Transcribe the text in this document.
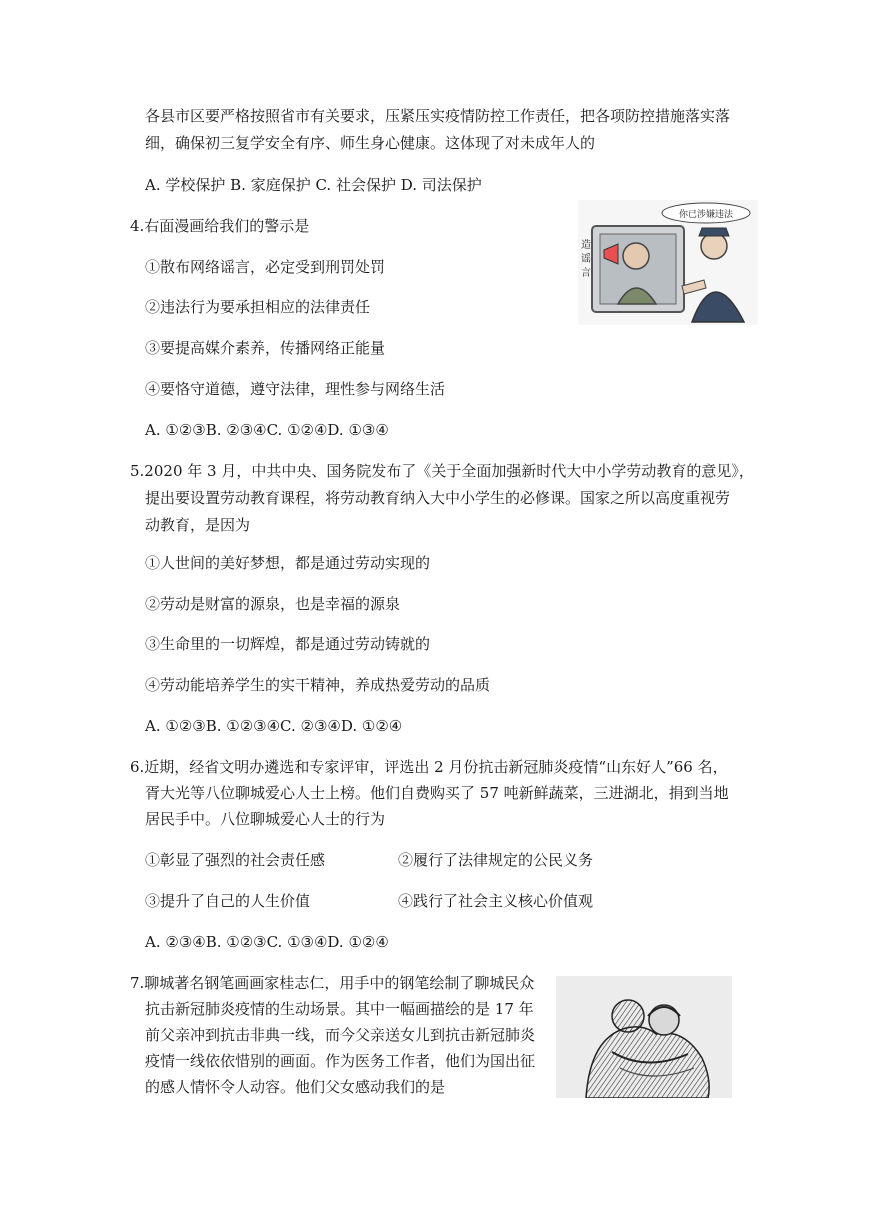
各县市区要严格按照省市有关要求，压紧压实疫情防控工作责任，把各项防控措施落实落
细，确保初三复学安全有序、师生身心健康。这体现了对未成年人的
A. 学校保护 B. 家庭保护 C. 社会保护 D. 司法保护
4.右面漫画给我们的警示是
①散布网络谣言，必定受到刑罚处罚
②违法行为要承担相应的法律责任
③要提高媒介素养，传播网络正能量
④要恪守道德，遵守法律，理性参与网络生活
A. ①②③B. ②③④C. ①②④D. ①③④
造
谣
言
你已涉嫌违法
5.2020 年 3 月，中共中央、国务院发布了《关于全面加强新时代大中小学劳动教育的意见》，
提出要设置劳动教育课程，将劳动教育纳入大中小学生的必修课。国家之所以高度重视劳
动教育，是因为
①人世间的美好梦想，都是通过劳动实现的
②劳动是财富的源泉，也是幸福的源泉
③生命里的一切辉煌，都是通过劳动铸就的
④劳动能培养学生的实干精神，养成热爱劳动的品质
A. ①②③B. ①②③④C. ②③④D. ①②④
6.近期，经省文明办遴选和专家评审，评选出 2 月份抗击新冠肺炎疫情“山东好人”66 名，
胥大光等八位聊城爱心人士上榜。他们自费购买了 57 吨新鲜蔬菜，三进湖北，捐到当地
居民手中。八位聊城爱心人士的行为
①彰显了强烈的社会责任感	②履行了法律规定的公民义务
③提升了自己的人生价值	④践行了社会主义核心价值观
A. ②③④B. ①②③C. ①③④D. ①②④
7.聊城著名钢笔画画家桂志仁，用手中的钢笔绘制了聊城民众
抗击新冠肺炎疫情的生动场景。其中一幅画描绘的是 17 年
前父亲冲到抗击非典一线，而今父亲送女儿到抗击新冠肺炎
疫情一线依依惜别的画面。作为医务工作者，他们为国出征
的感人情怀令人动容。他们父女感动我们的是
